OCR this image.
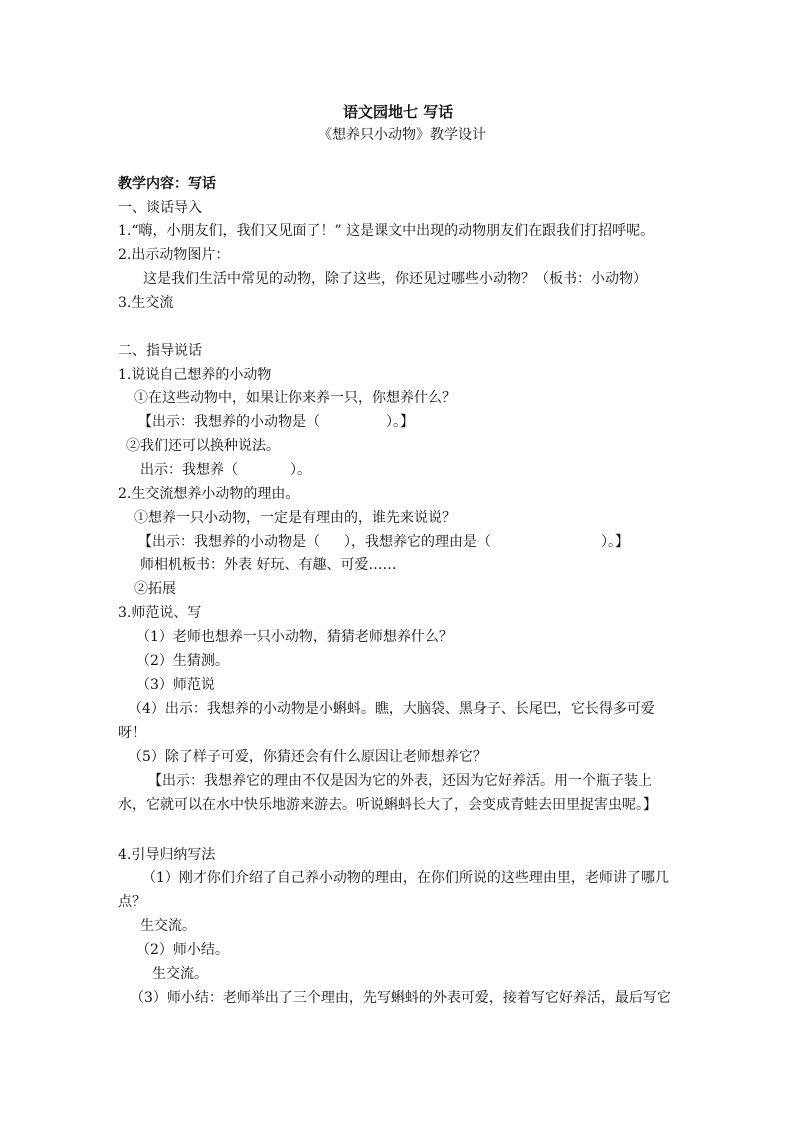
语文园地七 写话
《想养只小动物》教学设计
教学内容：写话
一、谈话导入
1.“嗨，小朋友们，我们又见面了！” 这是课文中出现的动物朋友们在跟我们打招呼呢。
2.出示动物图片：
这是我们生活中常见的动物，除了这些，你还见过哪些小动物？（板书：小动物）
3.生交流
二、指导说话
1.说说自己想养的小动物
①在这些动物中，如果让你来养一只，你想养什么？
【出示：我想养的小动物是（	）。】
②我们还可以换种说法。
出示：我想养（	）。
2.生交流想养小动物的理由。
①想养一只小动物，一定是有理由的，谁先来说说？
【出示：我想养的小动物是（ ），我想养它的理由是（	）。】
师相机板书：外表 好玩、有趣、可爱……
②拓展
3.师范说、写
（1）老师也想养一只小动物，猜猜老师想养什么？
（2）生猜测。
（3）师范说
（4）出示：我想养的小动物是小蝌蚪。瞧，大脑袋、黑身子、长尾巴，它长得多可爱
呀！
（5）除了样子可爱，你猜还会有什么原因让老师想养它？
【出示：我想养它的理由不仅是因为它的外表，还因为它好养活。用一个瓶子装上
水，它就可以在水中快乐地游来游去。听说蝌蚪长大了，会变成青蛙去田里捉害虫呢。】
4.引导归纳写法
（1）刚才你们介绍了自己养小动物的理由，在你们所说的这些理由里，老师讲了哪几
点？
生交流。
（2）师小结。
生交流。
（3）师小结：老师举出了三个理由，先写蝌蚪的外表可爱，接着写它好养活，最后写它
